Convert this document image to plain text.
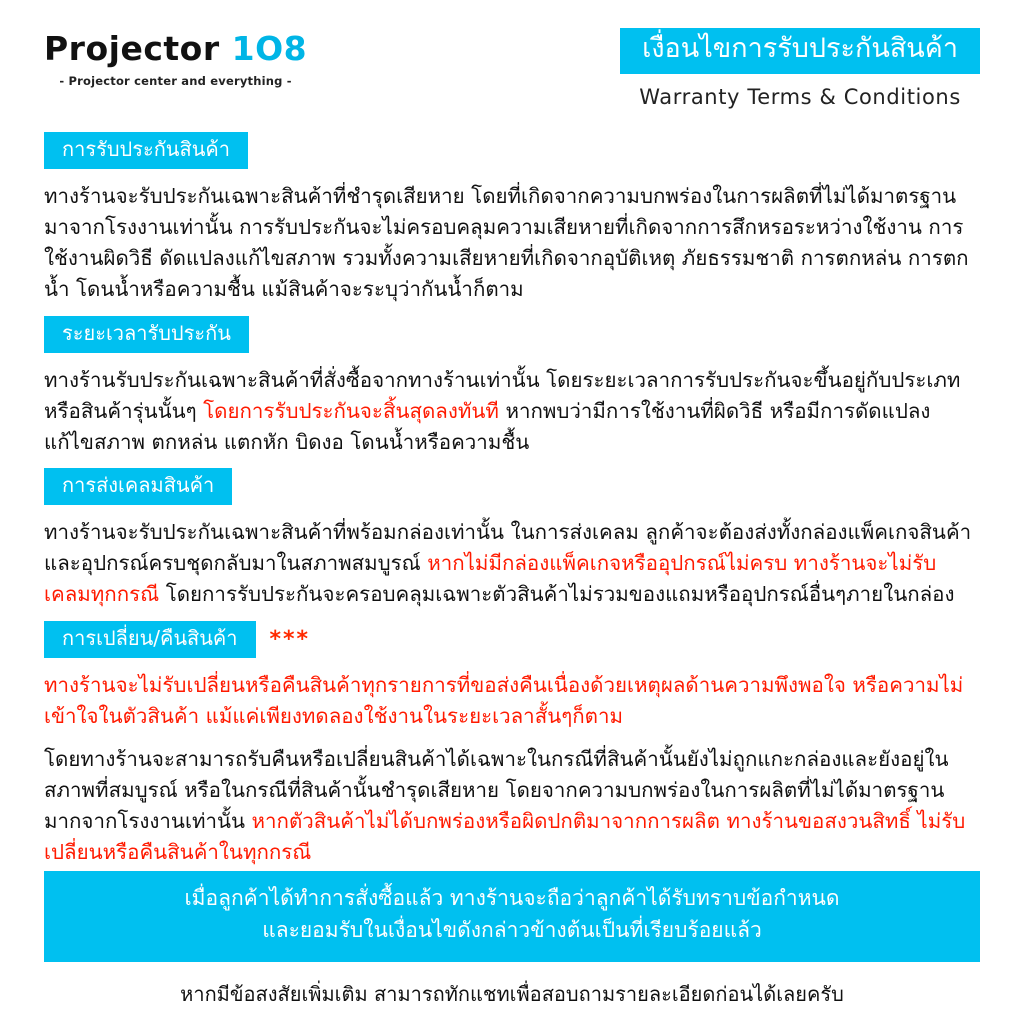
Projector 1O8
- Projector center and everything -
เงื่อนไขการรับประกันสินค้า
Warranty Terms & Conditions
การรับประกันสินค้า
ทางร้านจะรับประกันเฉพาะสินค้าที่ชำรุดเสียหาย โดยที่เกิดจากความบกพร่องในการผลิตที่ไม่ได้มาตรฐานมาจากโรงงานเท่านั้น การรับประกันจะไม่ครอบคลุมความเสียหายที่เกิดจากการสึกหรอระหว่างใช้งาน การใช้งานผิดวิธี ดัดแปลงแก้ไขสภาพ รวมทั้งความเสียหายที่เกิดจากอุบัติเหตุ ภัยธรรมชาติ การตกหล่น การตกน้ำ โดนน้ำหรือความชื้น แม้สินค้าจะระบุว่ากันน้ำก็ตาม
ระยะเวลารับประกัน
ทางร้านรับประกันเฉพาะสินค้าที่สั่งซื้อจากทางร้านเท่านั้น โดยระยะเวลาการรับประกันจะขึ้นอยู่กับประเภทหรือสินค้ารุ่นนั้นๆ โดยการรับประกันจะสิ้นสุดลงทันที หากพบว่ามีการใช้งานที่ผิดวิธี หรือมีการดัดแปลง แก้ไขสภาพ ตกหล่น แตกหัก บิดงอ โดนน้ำหรือความชื้น
การส่งเคลมสินค้า
ทางร้านจะรับประกันเฉพาะสินค้าที่พร้อมกล่องเท่านั้น ในการส่งเคลม ลูกค้าจะต้องส่งทั้งกล่องแพ็คเกจสินค้าและอุปกรณ์ครบชุดกลับมาในสภาพสมบูรณ์ หากไม่มีกล่องแพ็คเกจหรืออุปกรณ์ไม่ครบ ทางร้านจะไม่รับเคลมทุกกรณี โดยการรับประกันจะครอบคลุมเฉพาะตัวสินค้าไม่รวมของแถมหรืออุปกรณ์อื่นๆภายในกล่อง
การเปลี่ยน/คืนสินค้า	***
ทางร้านจะไม่รับเปลี่ยนหรือคืนสินค้าทุกรายการที่ขอส่งคืนเนื่องด้วยเหตุผลด้านความพึงพอใจ หรือความไม่เข้าใจในตัวสินค้า แม้แค่เพียงทดลองใช้งานในระยะเวลาสั้นๆก็ตาม
โดยทางร้านจะสามารถรับคืนหรือเปลี่ยนสินค้าได้เฉพาะในกรณีที่สินค้านั้นยังไม่ถูกแกะกล่องและยังอยู่ในสภาพที่สมบูรณ์ หรือในกรณีที่สินค้านั้นชำรุดเสียหาย โดยจากความบกพร่องในการผลิตที่ไม่ได้มาตรฐานมากจากโรงงานเท่านั้น หากตัวสินค้าไม่ได้บกพร่องหรือผิดปกติมาจากการผลิต ทางร้านขอสงวนสิทธิ์ ไม่รับเปลี่ยนหรือคืนสินค้าในทุกกรณี
เมื่อลูกค้าได้ทำการสั่งซื้อแล้ว ทางร้านจะถือว่าลูกค้าได้รับทราบข้อกำหนด
และยอมรับในเงื่อนไขดังกล่าวข้างต้นเป็นที่เรียบร้อยแล้ว
หากมีข้อสงสัยเพิ่มเติม สามารถทักแชทเพื่อสอบถามรายละเอียดก่อนได้เลยครับ
